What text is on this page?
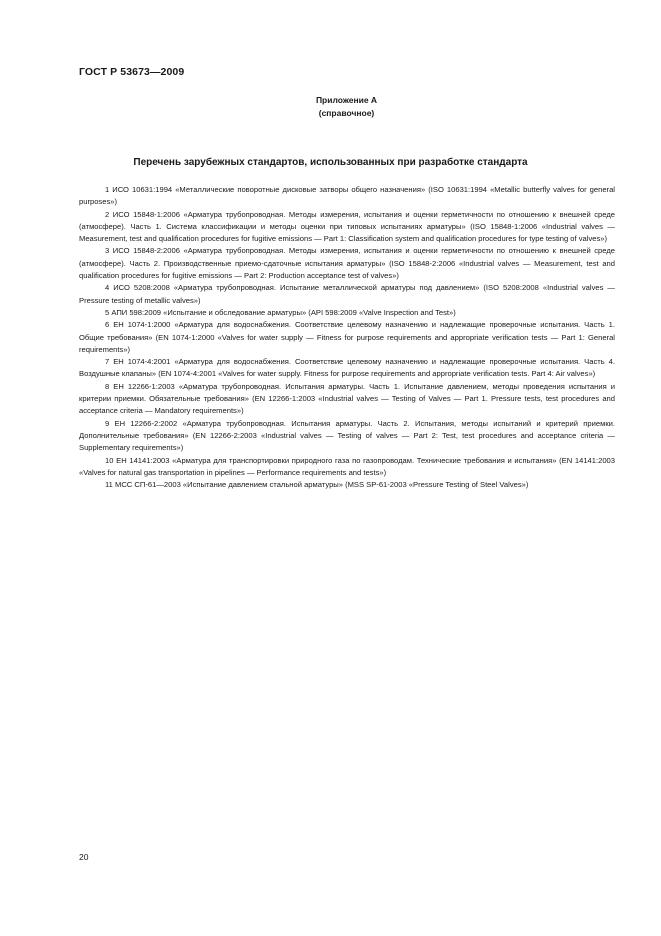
ГОСТ Р 53673—2009
Приложение А
(справочное)
Перечень зарубежных стандартов, использованных при разработке стандарта

1 ИСО 10631:1994 «Металлические поворотные дисковые затворы общего назначения» (ISO 10631:1994 «Metallic butterfly valves for general purposes»)

2 ИСО 15848-1:2006 «Арматура трубопроводная. Методы измерения, испытания и оценки герметичности по отношению к внешней среде (атмосфере). Часть 1. Система классификации и методы оценки при типовых испытаниях арматуры» (ISO 15848-1:2006 «Industrial valves — Measurement, test and qualification procedures for fugitive emissions — Part 1: Classification system and qualification procedures for type testing of valves»)

3 ИСО 15848-2:2006 «Арматура трубопроводная. Методы измерения, испытания и оценки герметичности по отношению к внешней среде (атмосфере). Часть 2. Производственные приемо-сдаточные испытания арматуры» (ISO 15848-2:2006 «Industrial valves — Measurement, test and qualification procedures for fugitive emissions — Part 2: Production acceptance test of valves»)

4 ИСО 5208:2008 «Арматура трубопроводная. Испытание металлической арматуры под давлением» (ISO 5208:2008 «Industrial valves — Pressure testing of metallic valves»)

5 АПИ 598:2009 «Испытание и обследование арматуры» (API 598:2009 «Valve Inspection and Test»)

6 ЕН 1074-1:2000 «Арматура для водоснабжения. Соответствие целевому назначению и надлежащие проверочные испытания. Часть 1. Общие требования» (EN 1074-1:2000 «Valves for water supply — Fitness for purpose requirements and appropriate verification tests — Part 1: General requirements»)

7 ЕН 1074-4:2001 «Арматура для водоснабжения. Соответствие целевому назначению и надлежащие проверочные испытания. Часть 4. Воздушные клапаны» (EN 1074-4:2001 «Valves for water supply. Fitness for purpose requirements and appropriate verification tests. Part 4: Air valves»)

8 ЕН 12266-1:2003 «Арматура трубопроводная. Испытания арматуры. Часть 1. Испытание давлением, методы проведения испытания и критерии приемки. Обязательные требования» (EN 12266-1:2003 «Industrial valves — Testing of Valves — Part 1. Pressure tests, test procedures and acceptance criteria — Mandatory requirements»)

9 ЕН 12266-2:2002 «Арматура трубопроводная. Испытания арматуры. Часть 2. Испытания, методы испытаний и критерий приемки. Дополнительные требования» (EN 12266-2:2003 «Industrial valves — Testing of valves — Part 2: Test, test procedures and acceptance criteria — Supplementary requirements»)

10 ЕН 14141:2003 «Арматура для транспортировки природного газа по газопроводам. Технические требования и испытания» (EN 14141:2003 «Valves for natural gas transportation in pipelines — Performance requirements and tests»)

11 МСС СП-61—2003 «Испытание давлением стальной арматуры» (MSS SP-61-2003 «Pressure Testing of Steel Valves»)

20
